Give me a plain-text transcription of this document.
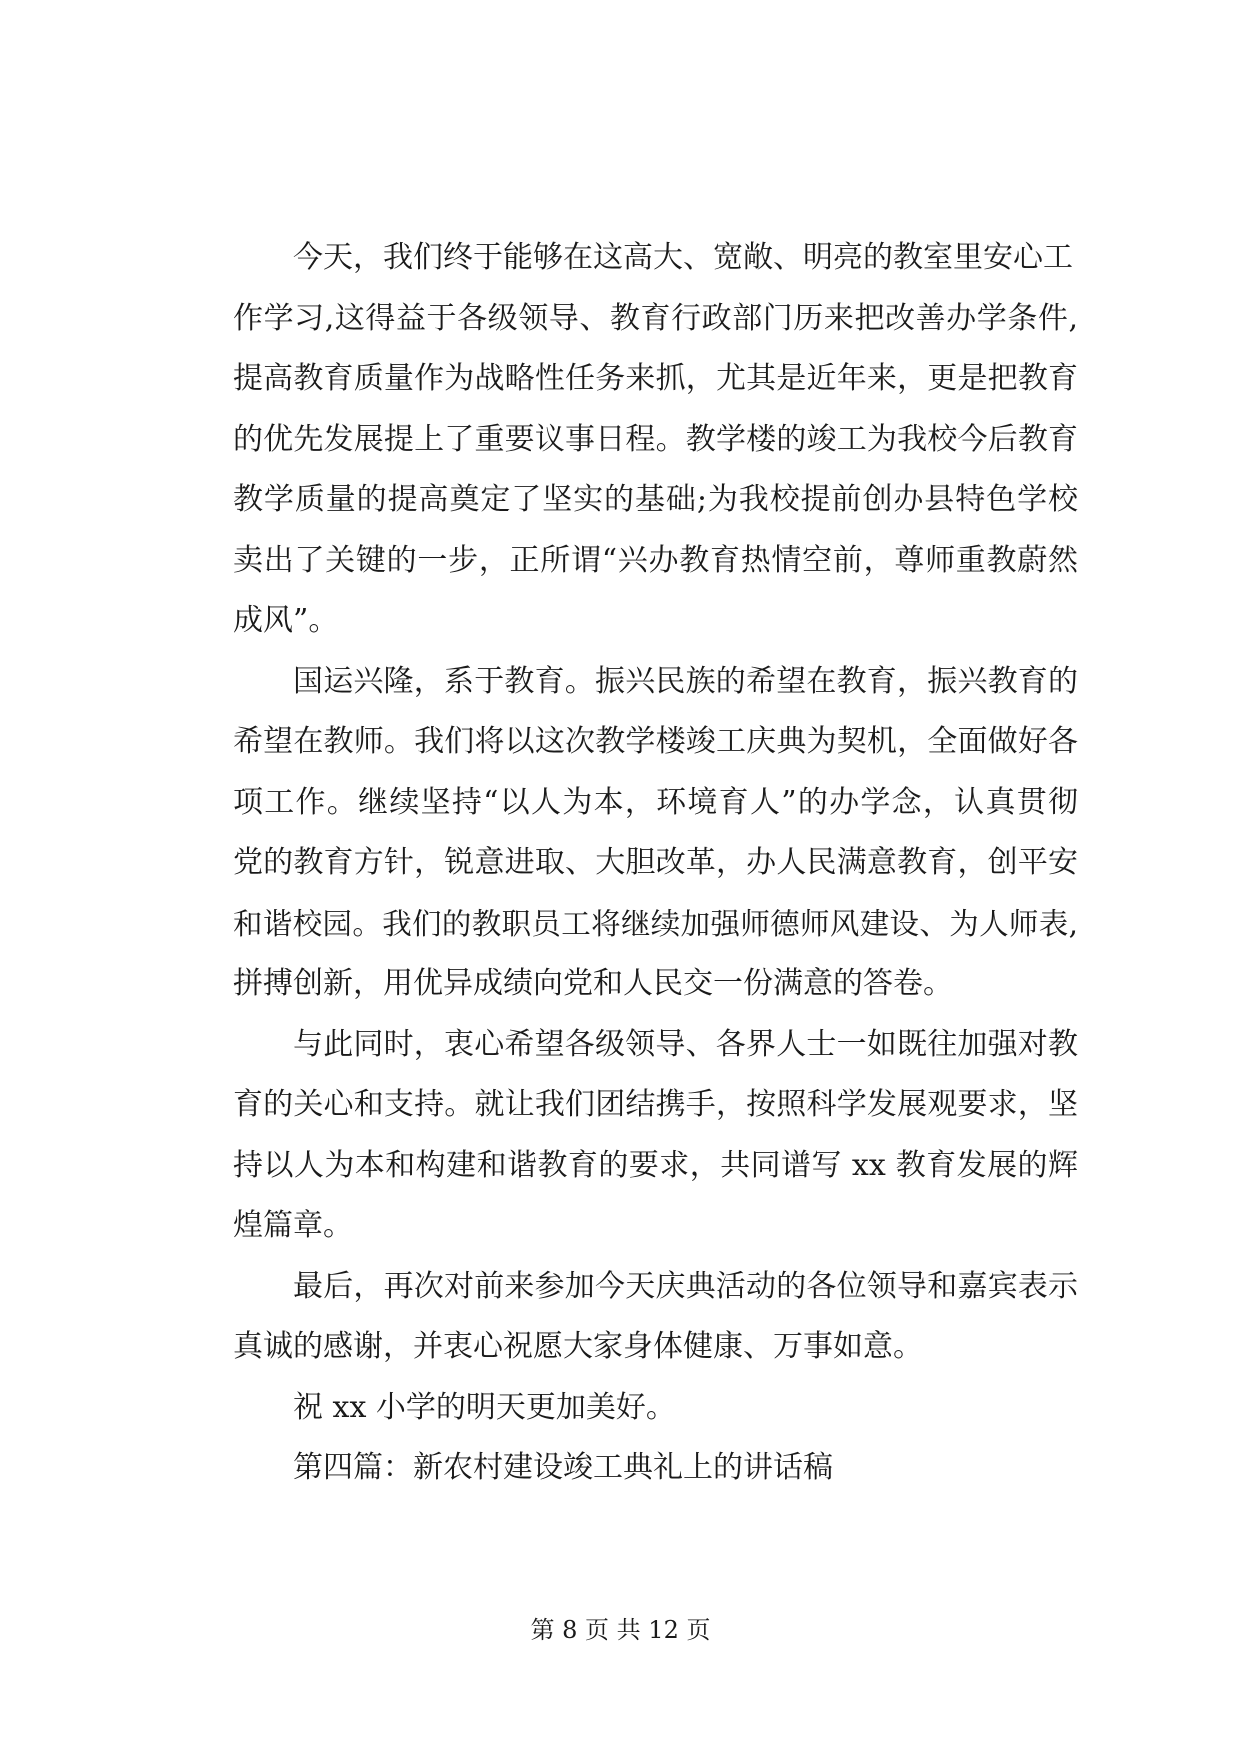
今天，我们终于能够在这高大、宽敞、明亮的教室里安心工
作学习,这得益于各级领导、教育行政部门历来把改善办学条件,
提高教育质量作为战略性任务来抓，尤其是近年来，更是把教育
的优先发展提上了重要议事日程。教学楼的竣工为我校今后教育
教学质量的提高奠定了坚实的基础;为我校提前创办县特色学校
卖出了关键的一步，正所谓“兴办教育热情空前，尊师重教蔚然
成风”。
国运兴隆，系于教育。振兴民族的希望在教育，振兴教育的
希望在教师。我们将以这次教学楼竣工庆典为契机，全面做好各
项工作。继续坚持“以人为本，环境育人”的办学念，认真贯彻
党的教育方针，锐意进取、大胆改革，办人民满意教育，创平安
和谐校园。我们的教职员工将继续加强师德师风建设、为人师表,
拼搏创新，用优异成绩向党和人民交一份满意的答卷。
与此同时，衷心希望各级领导、各界人士一如既往加强对教
育的关心和支持。就让我们团结携手，按照科学发展观要求，坚
持以人为本和构建和谐教育的要求，共同谱写 xx 教育发展的辉
煌篇章。
最后，再次对前来参加今天庆典活动的各位领导和嘉宾表示
真诚的感谢，并衷心祝愿大家身体健康、万事如意。
祝 xx 小学的明天更加美好。
第四篇：新农村建设竣工典礼上的讲话稿
第 8 页 共 12 页
